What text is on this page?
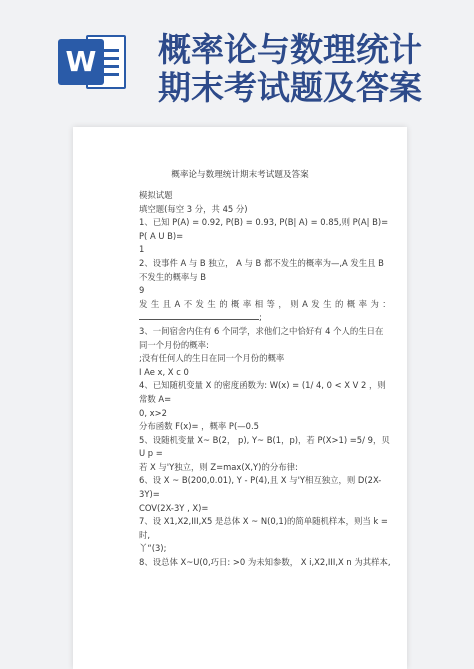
W 概率论与数理统计
期末考试题及答案
概率论与数理统计期末考试题及答案
模拟试题
填空题(每空 3 分，共 45 分)
1、已知 P(A) = 0.92, P(B) = 0.93, P(B| A) = 0.85,则 P(A| B)=
P( A U B)=
1
2、设事件 A 与 B 独立， A 与 B 都不发生的概率为—,A 发生且 B
不发生的概率与 B
9
发 生 且 A 不 发 生 的 概 率 相 等 ， 则 A 发 生 的 概 率 为 ：
;
3、一间宿舍内住有 6 个同学，求他们之中恰好有 4 个人的生日在
同一个月份的概率:
;没有任何人的生日在同一个月份的概率
I Ae x, X c 0
4、已知随机变量 X 的密度函数为: W(x) = (1/ 4, 0 < X V 2 ，则
常数 A=
0, x>2
分布函数 F(x)= ，概率 P(—0.5
5、设随机变量 X~ B(2， p), Y~ B(1，p)，若 P(X>1) =5/ 9，贝
U p =
若 X 与'Y独立，则 Z=max(X,Y)的分布律:
6、设 X ~ B(200,0.01), Y - P(4),且 X 与'Y相互独立，则 D(2X-
3Y)=
COV(2X-3Y , X)=
7、设 X1,X2,III,X5 是总体 X ~ N(0,1)的简单随机样本，则当 k =
时,
丫“(3);
8、设总体 X~U(0,巧日: >0 为未知参数， X i,X2,III,X n 为其样本,
